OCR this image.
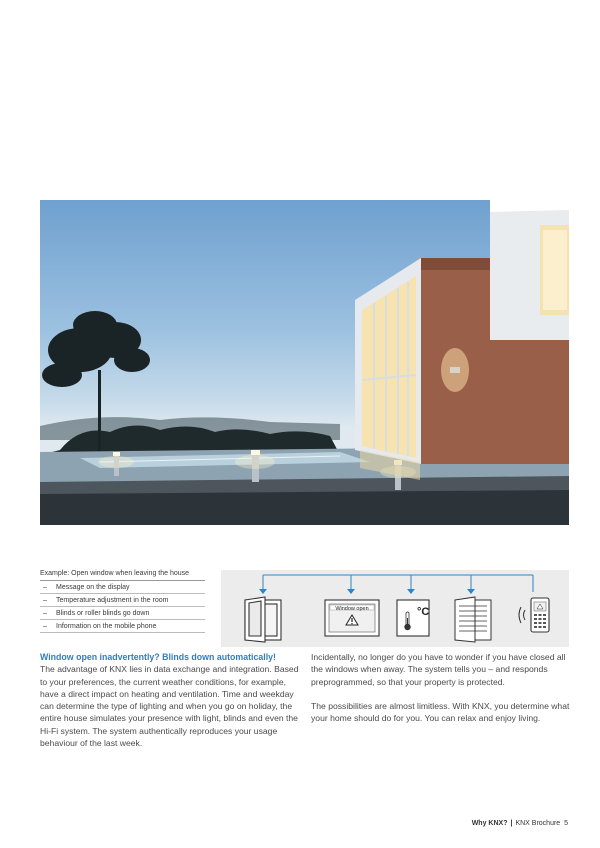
Example: Open window when leaving the house
– Message on the display
– Temperature adjustment in the room
– Blinds or roller blinds go down
– Information on the mobile phone
°C
Window open
Window open inadvertently? Blinds down automatically!
The advantage of KNX lies in data exchange and integration. Based to your preferences, the current weather conditions, for example, have a direct impact on heating and ventilation. Time and weekday can determine the type of lighting and when you go on holiday, the entire house simulates your presence with light, blinds and even the Hi-Fi system. The system authentically reproduces your usage behaviour of the last week.

Incidentally, no longer do you have to wonder if you have closed all the windows when away. The system tells you – and responds preprogrammed, so that your property is protected.

The possibilities are almost limitless. With KNX, you determine what your home should do for you. You can relax and enjoy living.

Why KNX? | KNX Brochure 5
